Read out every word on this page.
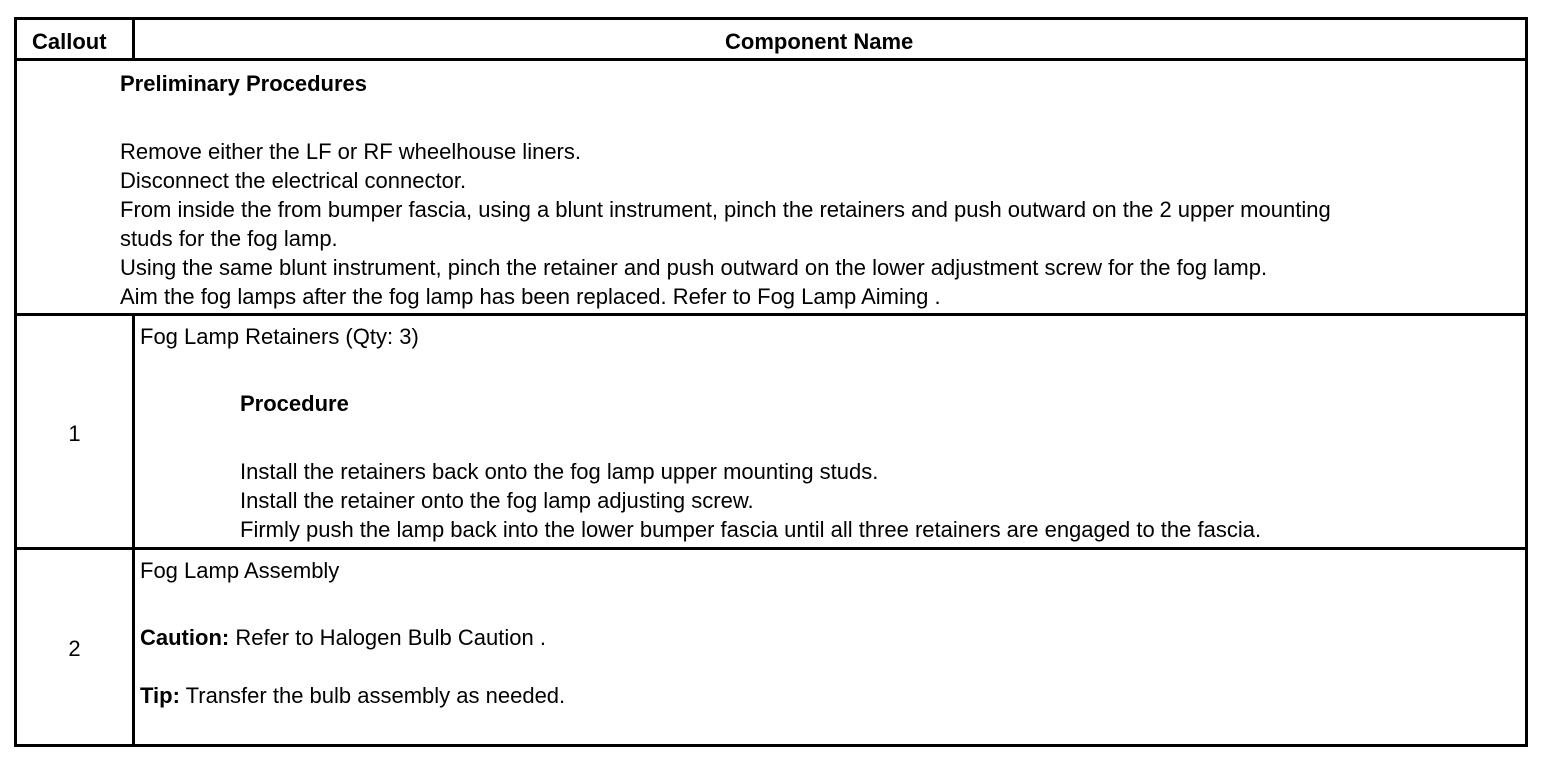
Callout	Component Name
Preliminary Procedures
Remove either the LF or RF wheelhouse liners.
Disconnect the electrical connector.
From inside the from bumper fascia, using a blunt instrument, pinch the retainers and push outward on the 2 upper mounting
studs for the fog lamp.
Using the same blunt instrument, pinch the retainer and push outward on the lower adjustment screw for the fog lamp.
Aim the fog lamps after the fog lamp has been replaced. Refer to Fog Lamp Aiming .
1
Fog Lamp Retainers (Qty: 3)
Procedure
Install the retainers back onto the fog lamp upper mounting studs.
Install the retainer onto the fog lamp adjusting screw.
Firmly push the lamp back into the lower bumper fascia until all three retainers are engaged to the fascia.
2
Fog Lamp Assembly
Caution: Refer to Halogen Bulb Caution .
Tip: Transfer the bulb assembly as needed.
